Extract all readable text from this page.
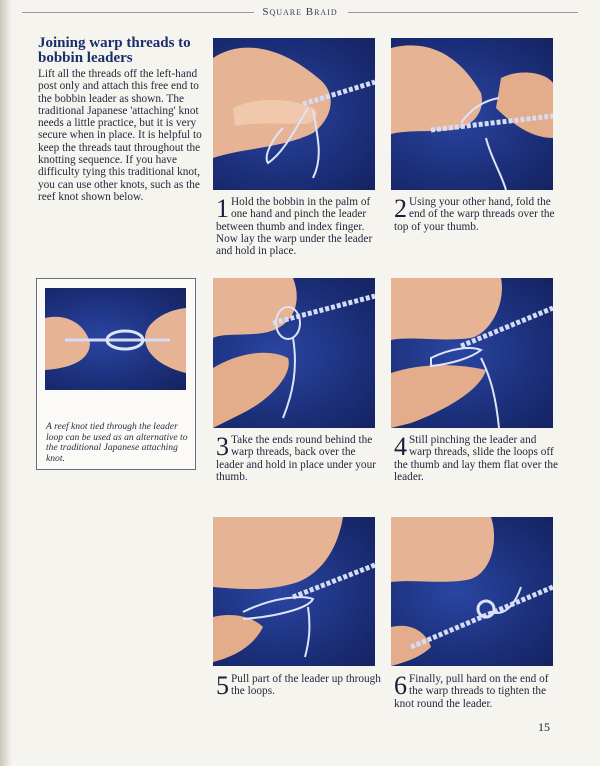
Square Braid
Joining warp threads to bobbin leaders

Lift all the threads off the left-hand post only and attach this free end to the bobbin leader as shown. The traditional Japanese 'attaching' knot needs a little practice, but it is very secure when in place. It is helpful to keep the threads taut throughout the knotting sequence. If you have difficulty tying this traditional knot, you can use other knots, such as the reef knot shown below.	1 Hold the bobbin in the palm of one hand and pinch the leader between thumb and index finger. Now lay the warp under the leader and hold in place.
2 Using your other hand, fold the end of the warp threads over the top of your thumb.
A reef knot tied through the leader loop can be used as an alternative to the traditional Japanese attaching knot.	3 Take the ends round behind the warp threads, back over the leader and hold in place under your thumb.
4 Still pinching the leader and warp threads, slide the loops off the thumb and lay them flat over the leader.
5 Pull part of the leader up through the loops.	6 Finally, pull hard on the end of the warp threads to tighten the knot round the leader.
15
